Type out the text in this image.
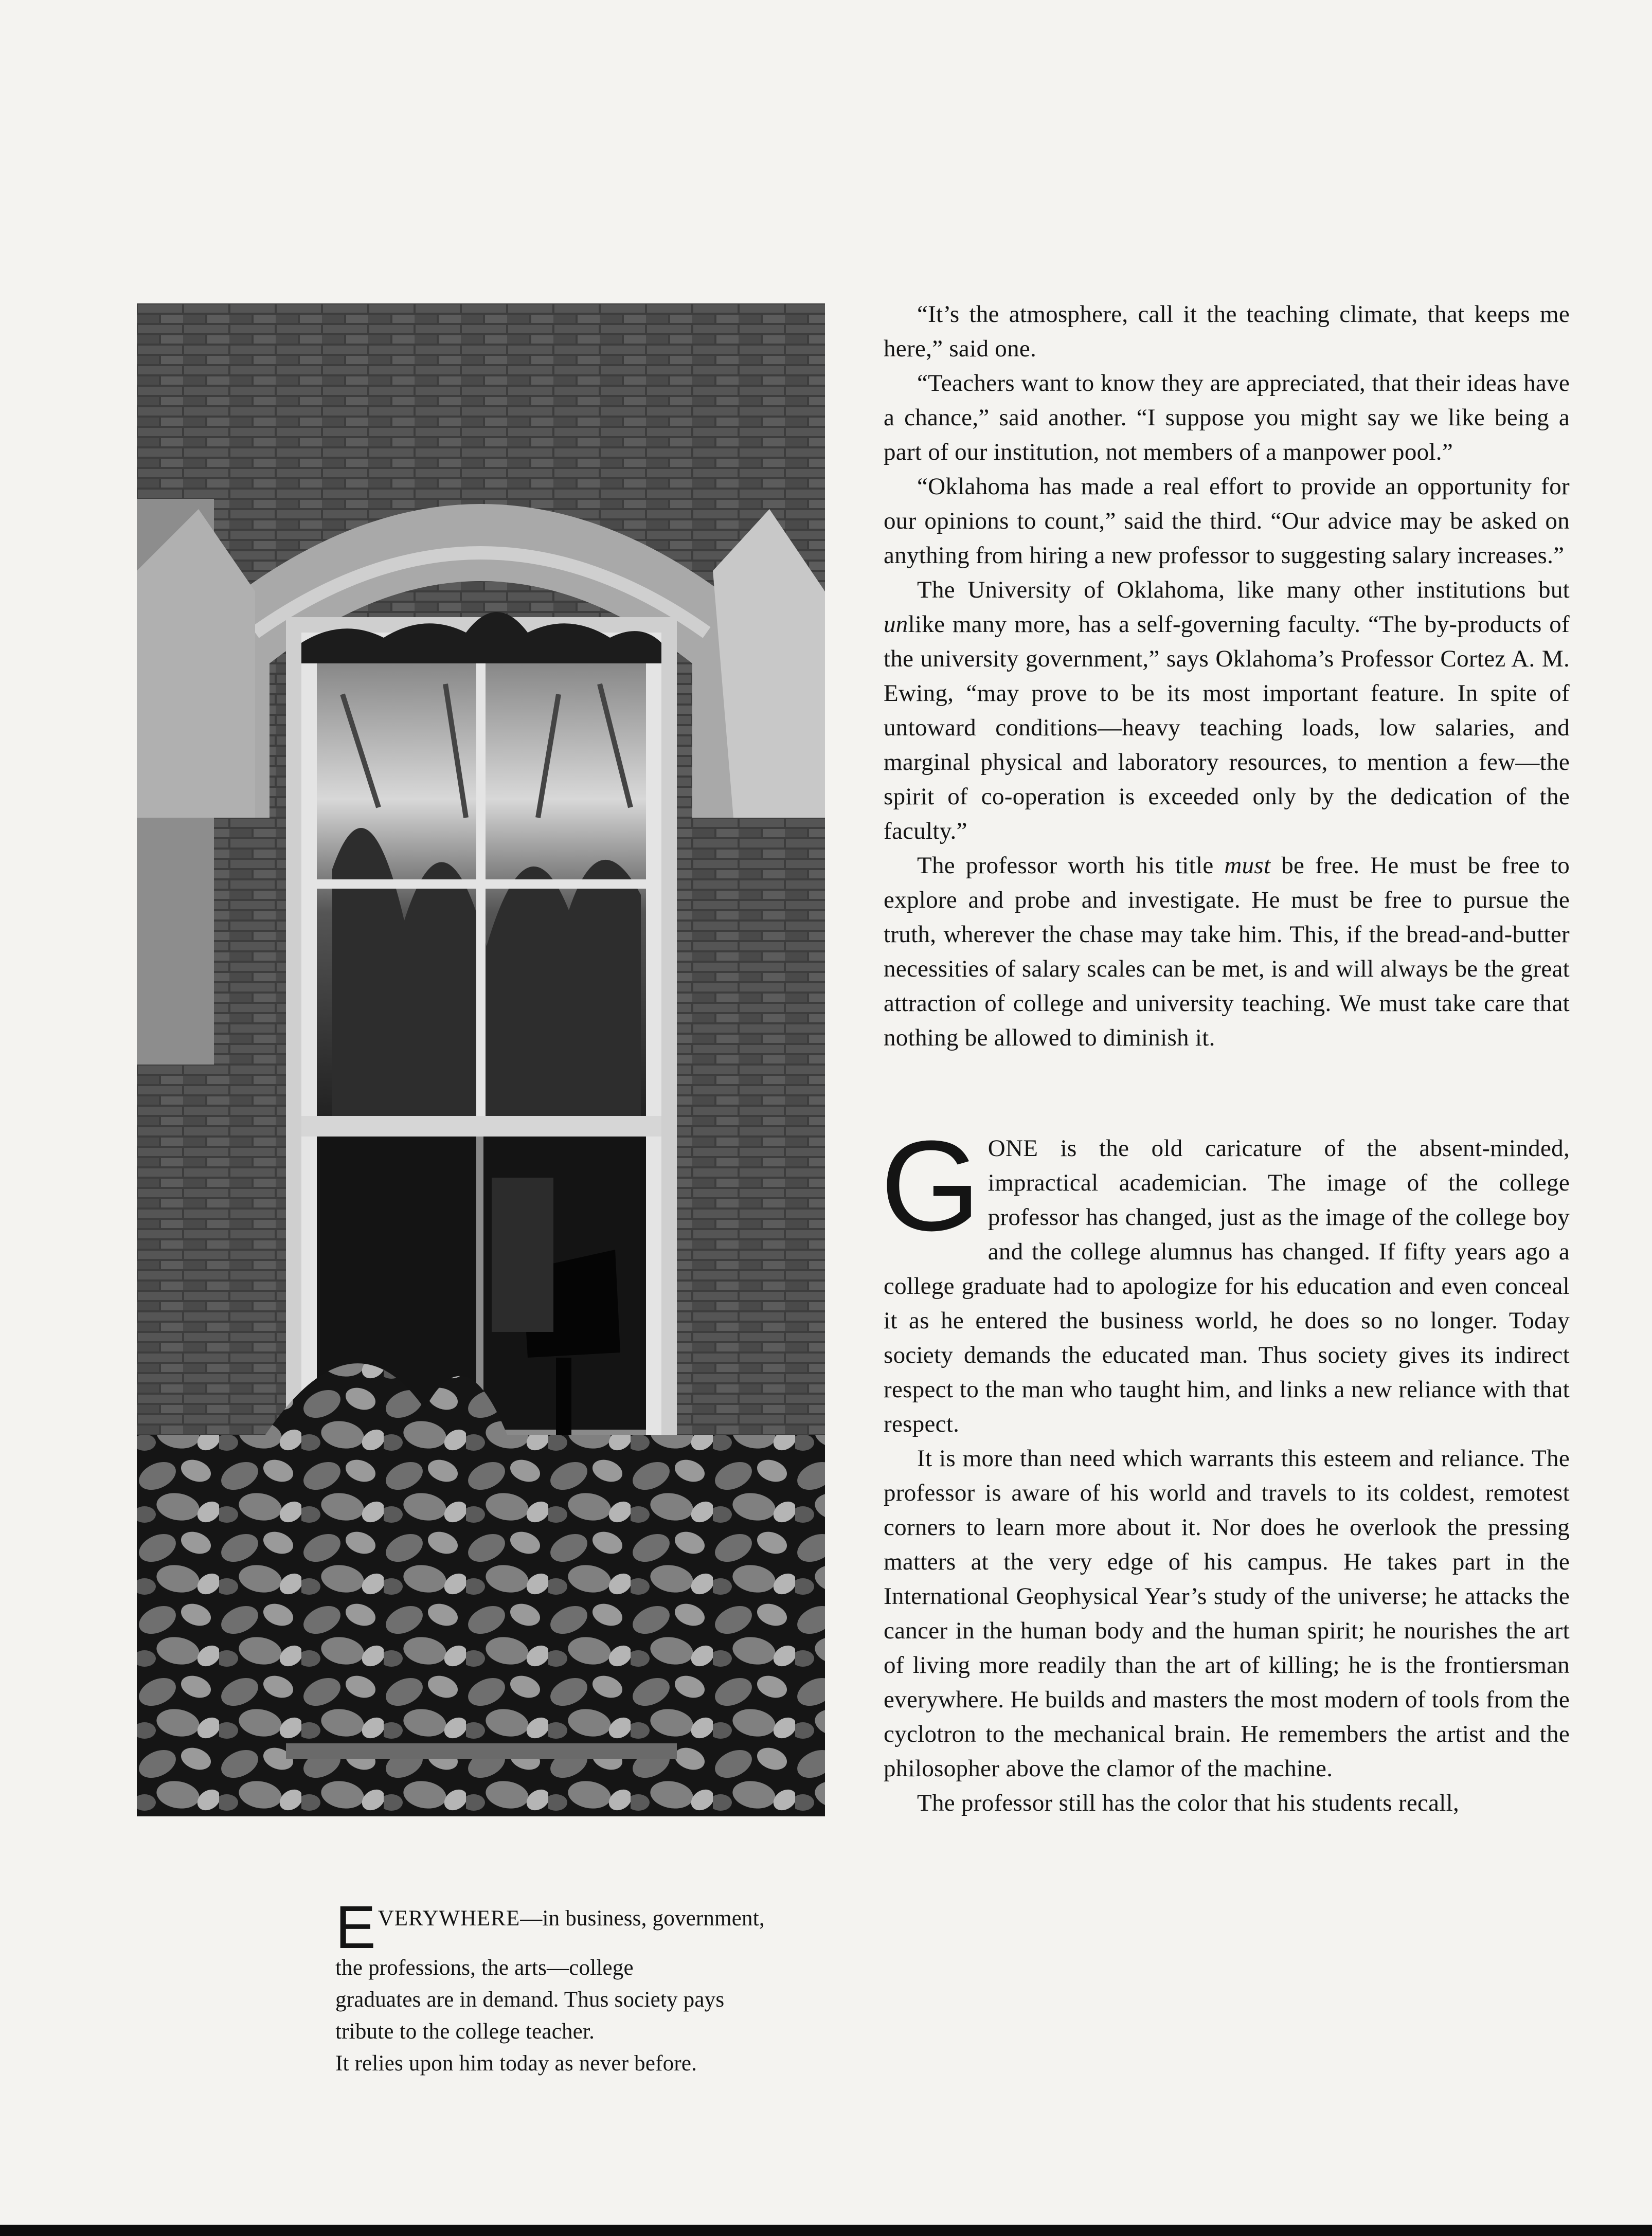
EVERYWHERE—in business, government,

the professions, the arts—college

graduates are in demand. Thus society pays

tribute to the college teacher.

It relies upon him today as never before.

“It’s the atmosphere, call it the teaching climate, that keeps me here,” said one.

“Teachers want to know they are appreciated, that their ideas have a chance,” said another. “I suppose you might say we like being a part of our institution, not members of a manpower pool.”

“Oklahoma has made a real effort to provide an opportunity for our opinions to count,” said the third. “Our advice may be asked on anything from hiring a new professor to suggesting salary increases.”

The University of Oklahoma, like many other institutions but unlike many more, has a self-governing faculty. “The by-products of the university government,” says Oklahoma’s Professor Cortez A. M. Ewing, “may prove to be its most important feature. In spite of untoward conditions—heavy teaching loads, low salaries, and marginal physical and laboratory resources, to mention a few—the spirit of co-operation is exceeded only by the dedication of the faculty.”

The professor worth his title must be free. He must be free to explore and probe and investigate. He must be free to pursue the truth, wherever the chase may take him. This, if the bread-and-butter necessities of salary scales can be met, is and will always be the great attraction of college and university teaching. We must take care that nothing be allowed to diminish it.

GONE is the old caricature of the absent-minded, impractical academician. The image of the college professor has changed, just as the image of the college boy and the college alumnus has changed. If fifty years ago a college graduate had to apologize for his education and even conceal it as he entered the business world, he does so no longer. Today society demands the educated man. Thus society gives its indirect respect to the man who taught him, and links a new reliance with that respect.

It is more than need which warrants this esteem and reliance. The professor is aware of his world and travels to its coldest, remotest corners to learn more about it. Nor does he overlook the pressing matters at the very edge of his campus. He takes part in the International Geophysical Year’s study of the universe; he attacks the cancer in the human body and the human spirit; he nourishes the art of living more readily than the art of killing; he is the frontiersman everywhere. He builds and masters the most modern of tools from the cyclotron to the mechanical brain. He remembers the artist and the philosopher above the clamor of the machine.

The professor still has the color that his students recall,
